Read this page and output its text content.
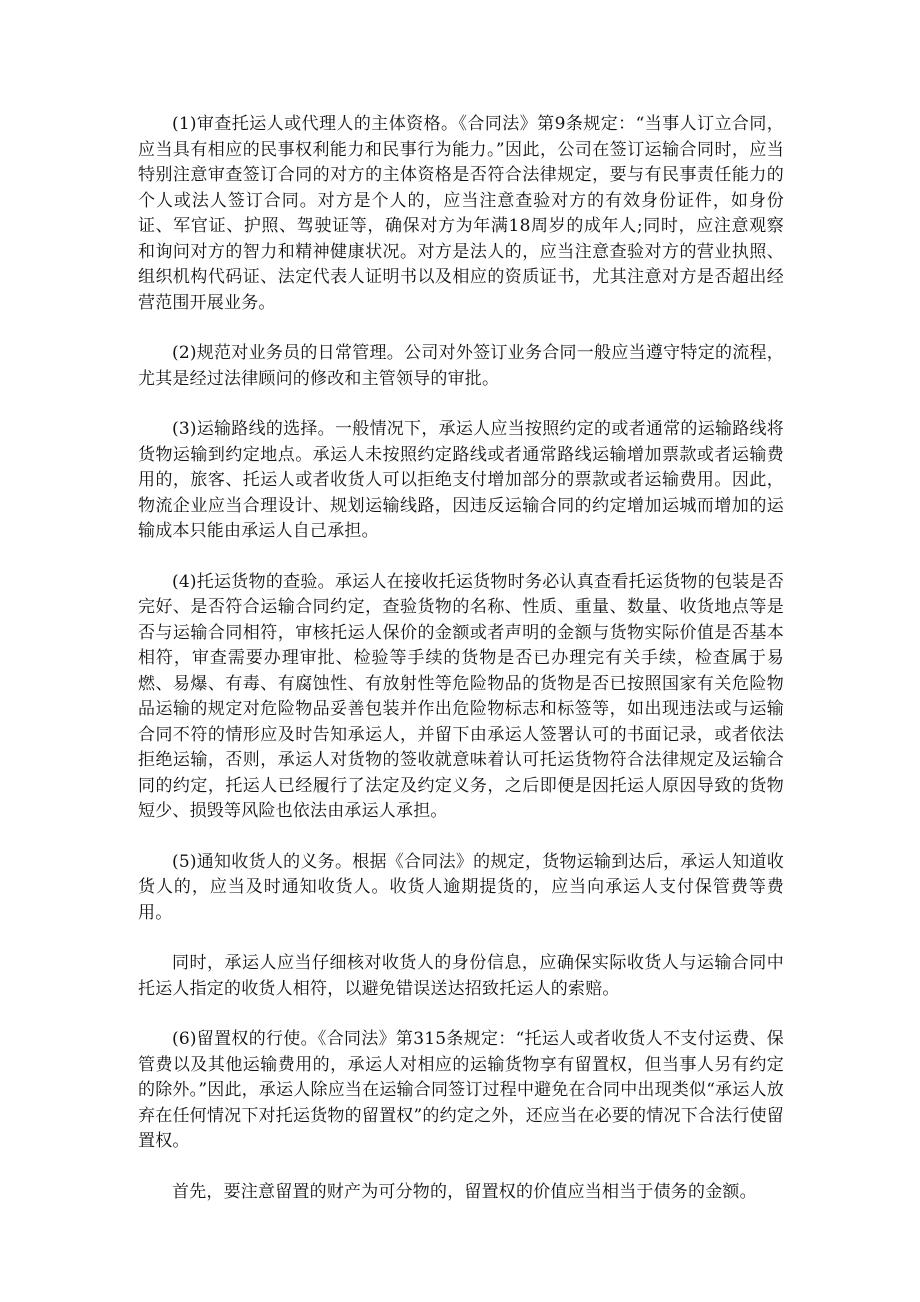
(1)审查托运人或代理人的主体资格。《合同法》第9条规定：“当事人订立合同，应当具有相应的民事权利能力和民事行为能力。”因此，公司在签订运输合同时，应当特别注意审查签订合同的对方的主体资格是否符合法律规定，要与有民事责任能力的个人或法人签订合同。对方是个人的，应当注意查验对方的有效身份证件，如身份证、军官证、护照、驾驶证等，确保对方为年满18周岁的成年人;同时，应注意观察和询问对方的智力和精神健康状况。对方是法人的，应当注意查验对方的营业执照、组织机构代码证、法定代表人证明书以及相应的资质证书，尤其注意对方是否超出经营范围开展业务。

(2)规范对业务员的日常管理。公司对外签订业务合同一般应当遵守特定的流程，尤其是经过法律顾问的修改和主管领导的审批。

(3)运输路线的选择。一般情况下，承运人应当按照约定的或者通常的运输路线将货物运输到约定地点。承运人未按照约定路线或者通常路线运输增加票款或者运输费用的，旅客、托运人或者收货人可以拒绝支付增加部分的票款或者运输费用。因此，物流企业应当合理设计、规划运输线路，因违反运输合同的约定增加运城而增加的运输成本只能由承运人自己承担。

(4)托运货物的查验。承运人在接收托运货物时务必认真查看托运货物的包装是否完好、是否符合运输合同约定，查验货物的名称、性质、重量、数量、收货地点等是否与运输合同相符，审核托运人保价的金额或者声明的金额与货物实际价值是否基本相符，审查需要办理审批、检验等手续的货物是否已办理完有关手续，检查属于易燃、易爆、有毒、有腐蚀性、有放射性等危险物品的货物是否已按照国家有关危险物品运输的规定对危险物品妥善包装并作出危险物标志和标签等，如出现违法或与运输合同不符的情形应及时告知承运人，并留下由承运人签署认可的书面记录，或者依法拒绝运输，否则，承运人对货物的签收就意味着认可托运货物符合法律规定及运输合同的约定，托运人已经履行了法定及约定义务，之后即便是因托运人原因导致的货物短少、损毁等风险也依法由承运人承担。

(5)通知收货人的义务。根据《合同法》的规定，货物运输到达后，承运人知道收货人的，应当及时通知收货人。收货人逾期提货的，应当向承运人支付保管费等费用。

同时，承运人应当仔细核对收货人的身份信息，应确保实际收货人与运输合同中托运人指定的收货人相符，以避免错误送达招致托运人的索赔。

(6)留置权的行使。《合同法》第315条规定：“托运人或者收货人不支付运费、保管费以及其他运输费用的，承运人对相应的运输货物享有留置权，但当事人另有约定的除外。”因此，承运人除应当在运输合同签订过程中避免在合同中出现类似“承运人放弃在任何情况下对托运货物的留置权”的约定之外，还应当在必要的情况下合法行使留置权。

首先，要注意留置的财产为可分物的，留置权的价值应当相当于债务的金额。
